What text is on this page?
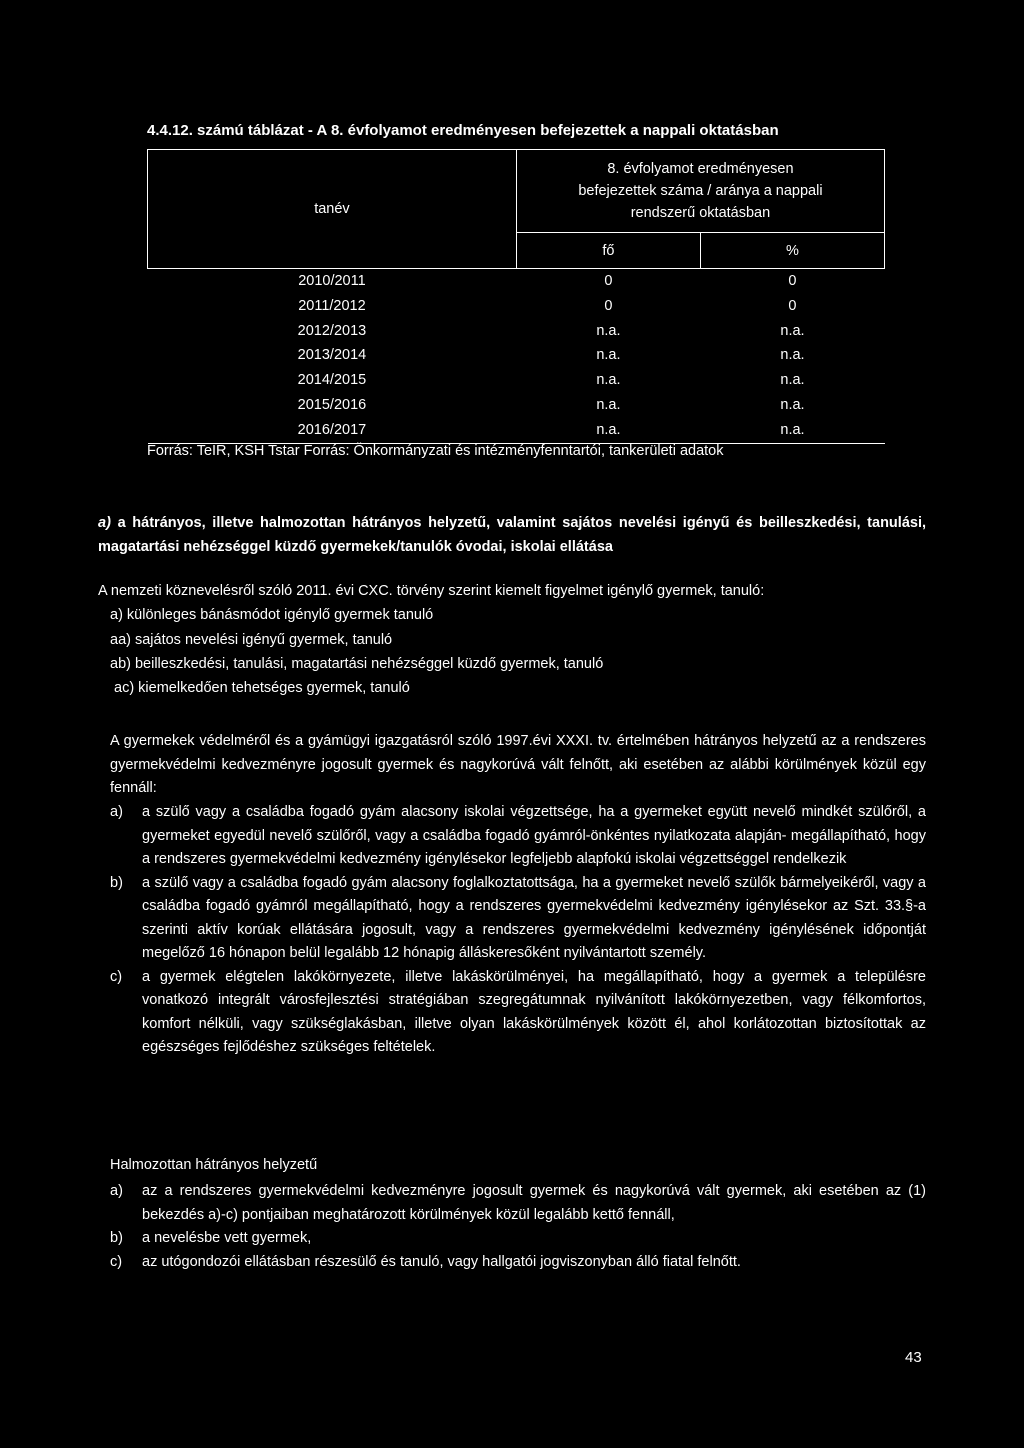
4.4.12. számú táblázat - A 8. évfolyamot eredményesen befejezettek a nappali oktatásban
tanév	8. évfolyamot eredményesen
befejezettek száma / aránya a nappali
rendszerű oktatásban	

	fő	%
2010/2011	0	0
2011/2012	0	0
2012/2013	n.a.	n.a.
2013/2014	n.a.	n.a.
2014/2015	n.a.	n.a.
2015/2016	n.a.	n.a.
2016/2017	n.a.	n.a.
Forrás: TeIR, KSH Tstar Forrás: Önkormányzati és intézményfenntartói, tankerületi adatok
a) a hátrányos, illetve halmozottan hátrányos helyzetű, valamint sajátos nevelési igényű és beilleszkedési, tanulási, magatartási nehézséggel küzdő gyermekek/tanulók óvodai, iskolai ellátása
A nemzeti köznevelésről szóló 2011. évi CXC. törvény szerint kiemelt figyelmet igénylő gyermek, tanuló:
a) különleges bánásmódot igénylő gyermek tanuló
aa) sajátos nevelési igényű gyermek, tanuló
ab) beilleszkedési, tanulási, magatartási nehézséggel küzdő gyermek, tanuló
ac) kiemelkedően tehetséges gyermek, tanuló
A gyermekek védelméről és a gyámügyi igazgatásról szóló 1997.évi XXXI. tv. értelmében hátrányos helyzetű az a rendszeres gyermekvédelmi kedvezményre jogosult gyermek és nagykorúvá vált felnőtt, aki esetében az alábbi körülmények közül egy fennáll:
a) a szülő vagy a családba fogadó gyám alacsony iskolai végzettsége, ha a gyermeket együtt nevelő mindkét szülőről, a gyermeket egyedül nevelő szülőről, vagy a családba fogadó gyámról-önkéntes nyilatkozata alapján- megállapítható, hogy a rendszeres gyermekvédelmi kedvezmény igénylésekor legfeljebb alapfokú iskolai végzettséggel rendelkezik
b) a szülő vagy a családba fogadó gyám alacsony foglalkoztatottsága, ha a gyermeket nevelő szülők bármelyeikéről, vagy a családba fogadó gyámról megállapítható, hogy a rendszeres gyermekvédelmi kedvezmény igénylésekor az Szt. 33.§-a szerinti aktív korúak ellátására jogosult, vagy a rendszeres gyermekvédelmi kedvezmény igénylésének időpontját megelőző 16 hónapon belül legalább 12 hónapig álláskeresőként nyilvántartott személy.
c) a gyermek elégtelen lakókörnyezete, illetve lakáskörülményei, ha megállapítható, hogy a gyermek a településre vonatkozó integrált városfejlesztési stratégiában szegregátumnak nyilvánított lakókörnyezetben, vagy félkomfortos, komfort nélküli, vagy szükséglakásban, illetve olyan lakáskörülmények között él, ahol korlátozottan biztosítottak az egészséges fejlődéshez szükséges feltételek.
Halmozottan hátrányos helyzetű
a) az a rendszeres gyermekvédelmi kedvezményre jogosult gyermek és nagykorúvá vált gyermek, aki esetében az (1) bekezdés a)-c) pontjaiban meghatározott körülmények közül legalább kettő fennáll,
b) a nevelésbe vett gyermek,
c) az utógondozói ellátásban részesülő és tanuló, vagy hallgatói jogviszonyban álló fiatal felnőtt.
43
